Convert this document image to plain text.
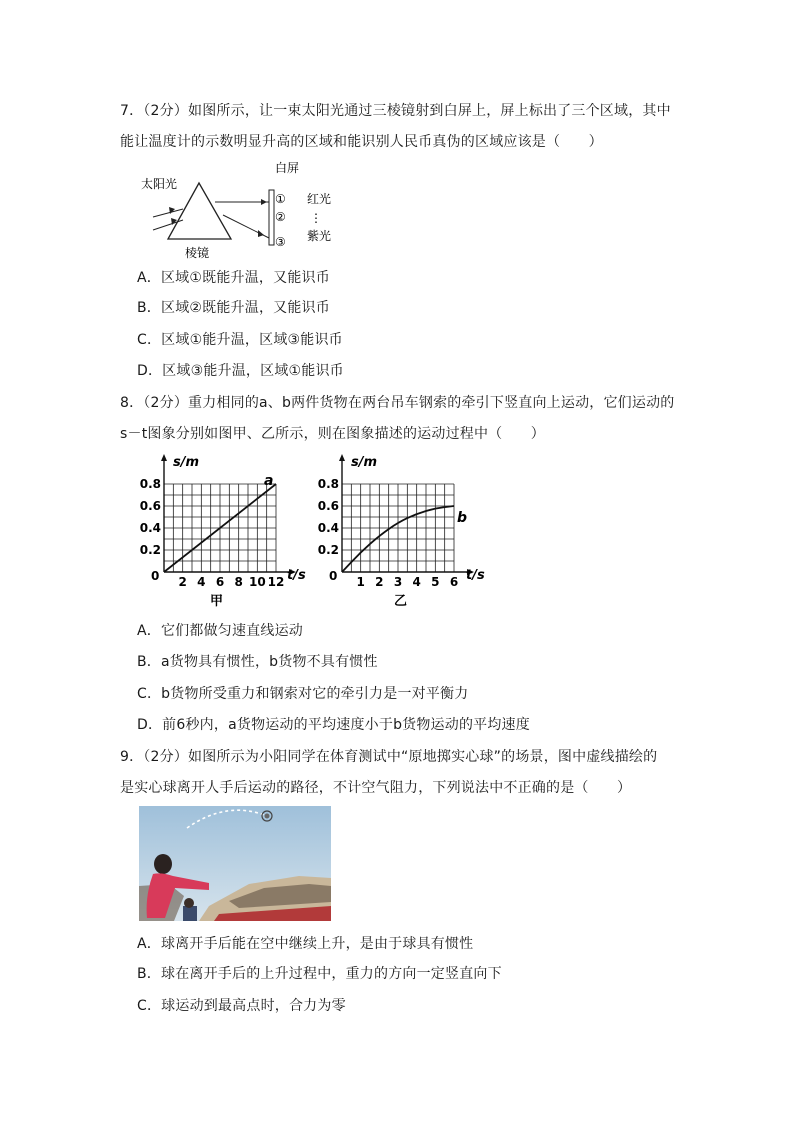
7．（2分）如图所示，让一束太阳光通过三棱镜射到白屏上，屏上标出了三个区域，其中
能让温度计的示数明显升高的区域和能识别人民币真伪的区域应该是（　　）
太阳光
白屏
①
②
③
红光
⋮
紫光
棱镜
A．区域①既能升温，又能识币
B．区域②既能升温，又能识币
C．区域①能升温，区域③能识币
D．区域③能升温，区域①能识币
8．（2分）重力相同的a、b两件货物在两台吊车钢索的牵引下竖直向上运动，它们运动的
s－t图象分别如图甲、乙所示，则在图象描述的运动过程中（　　）
0.2
0.4
0.6
0.8
2 4 6 8 10 12
s/m
t/s
0
a
甲
0.2
0.4
0.6
0.8
1 2 3 4 5 6
s/m
t/s
0
b
乙
A．它们都做匀速直线运动
B．a货物具有惯性，b货物不具有惯性
C．b货物所受重力和钢索对它的牵引力是一对平衡力
D．前6秒内，a货物运动的平均速度小于b货物运动的平均速度
9．（2分）如图所示为小阳同学在体育测试中“原地掷实心球”的场景，图中虚线描绘的
是实心球离开人手后运动的路径，不计空气阻力，下列说法中不正确的是（　　）
A．球离开手后能在空中继续上升，是由于球具有惯性
B．球在离开手后的上升过程中，重力的方向一定竖直向下
C．球运动到最高点时，合力为零
